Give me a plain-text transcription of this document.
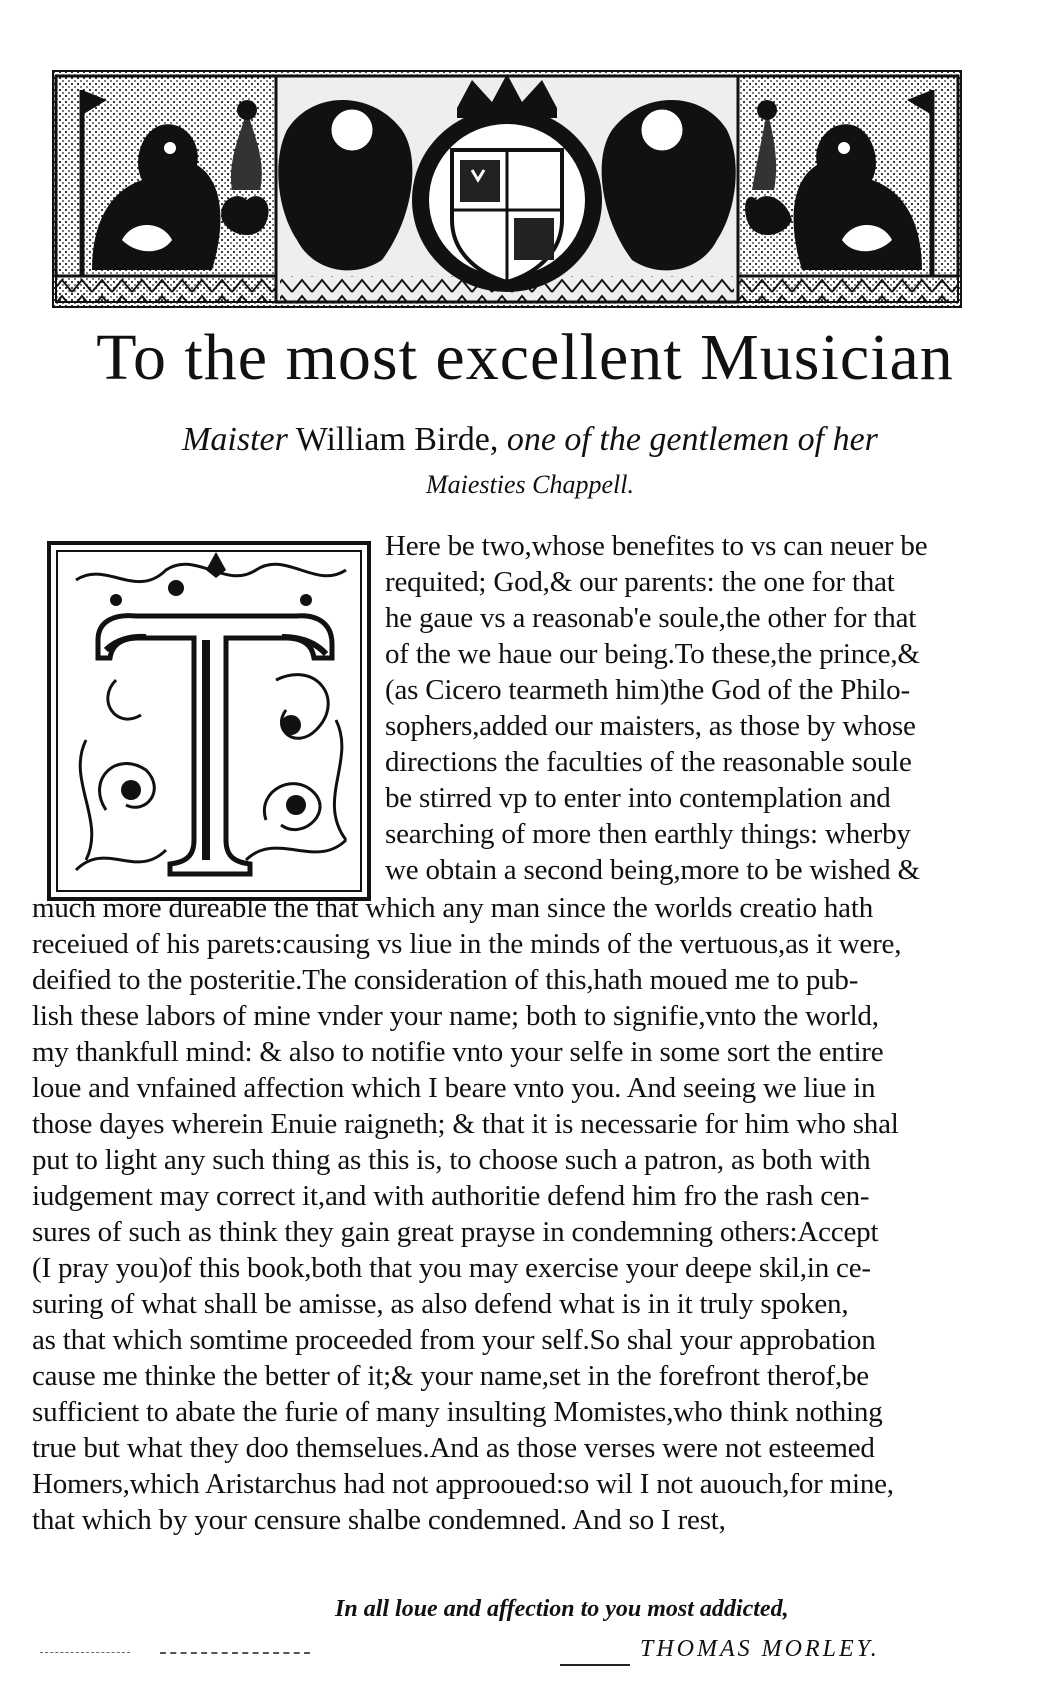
To the most excellent Musician
Maister William Birde, one of the gentlemen of her
Maiesties Chappell.
Here be two,whose benefites to vs can neuer be
requited; God,& our parents: the one for that
he gaue vs a reasonab'e soule,the other for that
of the we haue our being.To these,the prince,&
(as Cicero tearmeth him)the God of the Philo-
sophers,added our maisters, as those by whose
directions the faculties of the reasonable soule
be stirred vp to enter into contemplation and
searching of more then earthly things: wherby
we obtain a second being,more to be wished &
much more dureable the that which any man since the worlds creatio hath
receiued of his parets:causing vs liue in the minds of the vertuous,as it were,
deified to the posteritie.The consideration of this,hath moued me to pub-
lish these labors of mine vnder your name; both to signifie,vnto the world,
my thankfull mind: & also to notifie vnto your selfe in some sort the entire
loue and vnfained affection which I beare vnto you. And seeing we liue in
those dayes wherein Enuie raigneth; & that it is necessarie for him who shal
put to light any such thing as this is, to choose such a patron, as both with
iudgement may correct it,and with authoritie defend him fro the rash cen-
sures of such as think they gain great prayse in condemning others:Accept
(I pray you)of this book,both that you may exercise your deepe skil,in ce-
suring of what shall be amisse, as also defend what is in it truly spoken,
as that which somtime proceeded from your self.So shal your approbation
cause me thinke the better of it;& your name,set in the forefront therof,be
sufficient to abate the furie of many insulting Momistes,who think nothing
true but what they doo themselues.And as those verses were not esteemed
Homers,which Aristarchus had not approoued:so wil I not auouch,for mine,
that which by your censure shalbe condemned. And so I rest,
In all loue and affection to you most addicted,
THOMAS MORLEY.
